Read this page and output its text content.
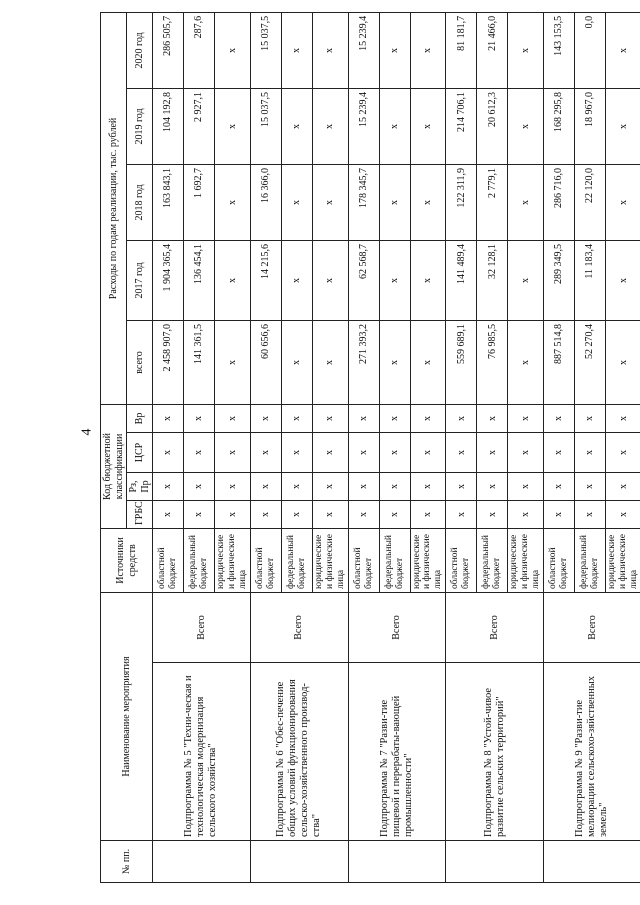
4
№ пп.	Наименование мероприятия		Источники средств	Код бюджетной классификации				Расходы по годам реализации, тыс. рублей				
				ГРБС	Рз, Пр	ЦСР	Вр	всего	2017 год	2018 год	2019 год	2020 год
	Подпрограмма № 5 "Техни-ческая и технологическая модернизация сельского хозяйства"	Всего	областной бюджет	x	x	x	x	2 458 907,0	1 904 365,4	163 843,1	104 192,8	286 505,7
			федеральный бюджет	x	x	x	x	141 361,5	136 454,1	1 692,7	2 927,1	287,6
			юридические и физические лица	x	x	x	x	x	x	x	x	x
	Подпрограмма № 6 "Обес-печение общих условий функционирования сельско-хозяйственного производ-ства"	Всего	областной бюджет	x	x	x	x	60 656,6	14 215,6	16 366,0	15 037,5	15 037,5
			федеральный бюджет	x	x	x	x	x	x	x	x	x
			юридические и физические лица	x	x	x	x	x	x	x	x	x
	Подпрограмма № 7 "Разви-тие пищевой и перерабаты-вающей промышленности"	Всего	областной бюджет	x	x	x	x	271 393,2	62 568,7	178 345,7	15 239,4	15 239,4
			федеральный бюджет	x	x	x	x	x	x	x	x	x
			юридические и физические лица	x	x	x	x	x	x	x	x	x
	Подпрограмма № 8 "Устой-чивое развитие сельских территорий"	Всего	областной бюджет	x	x	x	x	559 689,1	141 489,4	122 311,9	214 706,1	81 181,7
			федеральный бюджет	x	x	x	x	76 985,5	32 128,1	2 779,1	20 612,3	21 466,0
			юридические и физические лица	x	x	x	x	x	x	x	x	x
	Подпрограмма № 9 "Разви-тие мелиорации сельскохо-зяйственных земель"	Всего	областной бюджет	x	x	x	x	887 514,8	289 349,5	286 716,0	168 295,8	143 153,5
			федеральный бюджет	x	x	x	x	52 270,4	11 183,4	22 120,0	18 967,0	0,0
			юридические и физические лица	x	x	x	x	x	x	x	x	x
